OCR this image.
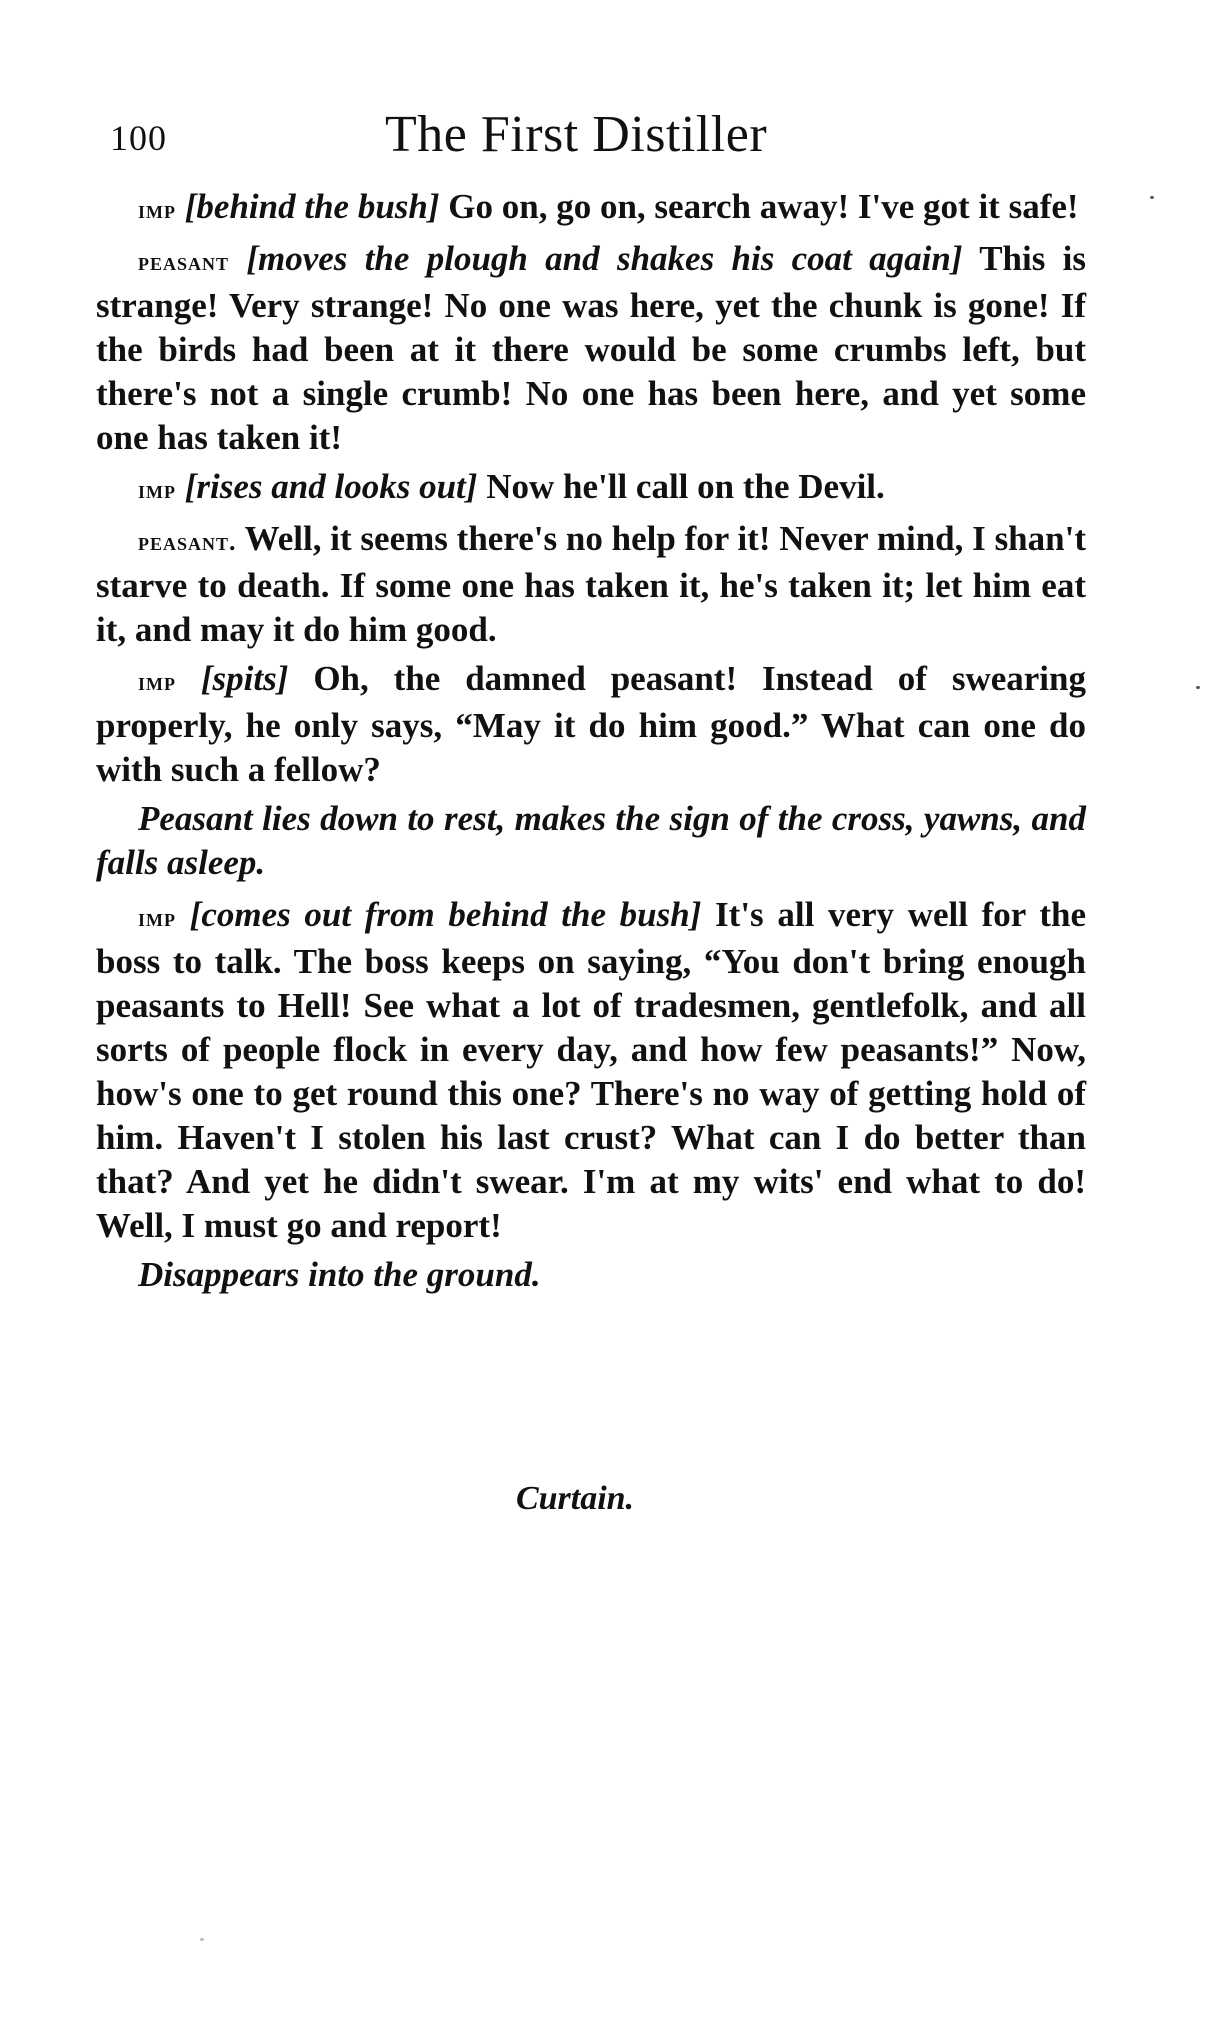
100	The First Distiller

imp [behind the bush] Go on, go on, search away! I've got it safe!

peasant [moves the plough and shakes his coat again] This is strange! Very strange! No one was here, yet the chunk is gone! If the birds had been at it there would be some crumbs left, but there's not a single crumb! No one has been here, and yet some one has taken it!

imp [rises and looks out] Now he'll call on the Devil.

peasant. Well, it seems there's no help for it! Never mind, I shan't starve to death. If some one has taken it, he's taken it; let him eat it, and may it do him good.

imp [spits] Oh, the damned peasant! Instead of swearing properly, he only says, “May it do him good.” What can one do with such a fellow?

Peasant lies down to rest, makes the sign of the cross, yawns, and falls asleep.

imp [comes out from behind the bush] It's all very well for the boss to talk. The boss keeps on saying, “You don't bring enough peasants to Hell! See what a lot of tradesmen, gentlefolk, and all sorts of people flock in every day, and how few peasants!” Now, how's one to get round this one? There's no way of getting hold of him. Haven't I stolen his last crust? What can I do better than that? And yet he didn't swear. I'm at my wits' end what to do! Well, I must go and report!

Disappears into the ground.

Curtain.
